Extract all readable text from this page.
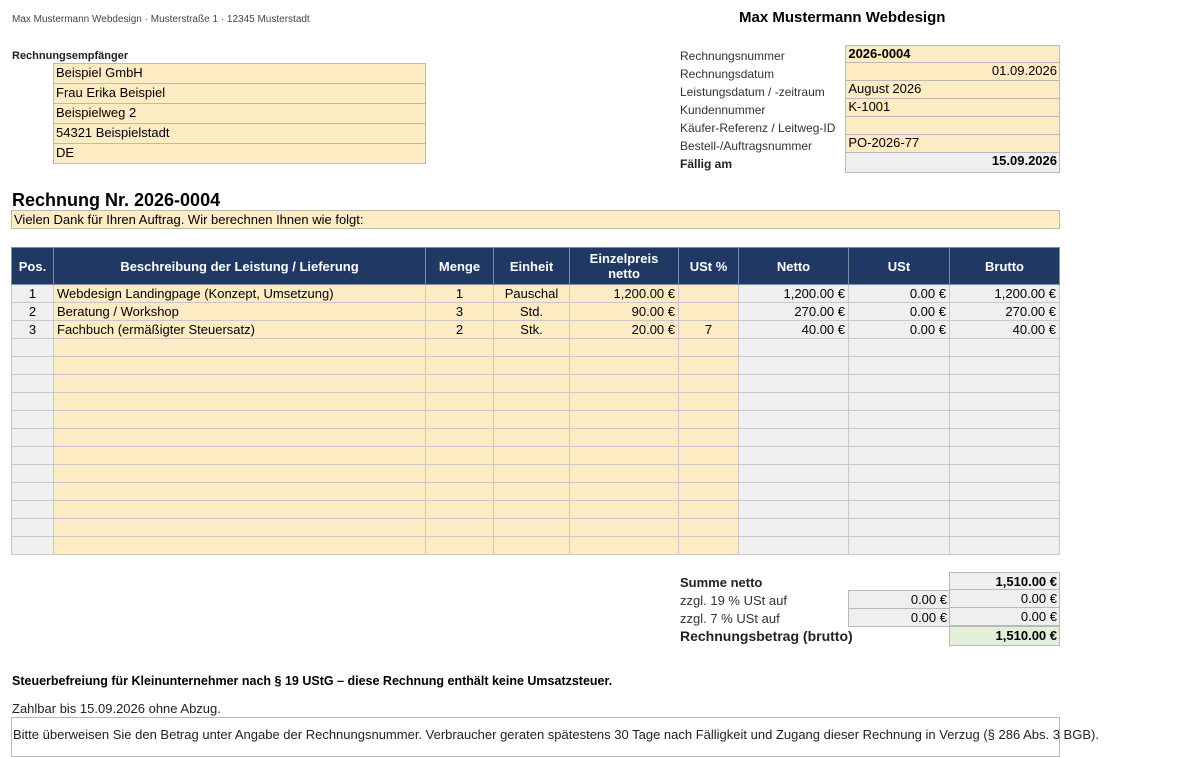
Max Mustermann Webdesign · Musterstraße 1 · 12345 Musterstadt	Max Mustermann Webdesign
Rechnungsempfänger
Beispiel GmbH
Frau Erika Beispiel
Beispielweg 2
54321 Beispielstadt
DE
Rechnungsnummer	2026-0004
Rechnungsdatum	01.09.2026
Leistungsdatum / -zeitraum	August 2026
Kundennummer	K-1001
Käufer-Referenz / Leitweg-ID
Bestell-/Auftragsnummer	PO-2026-77
Fällig am	15.09.2026
Rechnung Nr. 2026-0004
Vielen Dank für Ihren Auftrag. Wir berechnen Ihnen wie folgt:
Pos.	Beschreibung der Leistung / Lieferung	Menge	Einheit	Einzelpreis netto	USt %	Netto	USt	Brutto
1	Webdesign Landingpage (Konzept, Umsetzung)	1	Pauschal	1,200.00 €		1,200.00 €	0.00 €	1,200.00 €
2	Beratung / Workshop	3	Std.	90.00 €		270.00 €	0.00 €	270.00 €
3	Fachbuch (ermäßigter Steuersatz)	2	Stk.	20.00 €	7	40.00 €	0.00 €	40.00 €

Summe netto	1,510.00 €
zzgl. 19 % USt auf	0.00 €	0.00 €
zzgl. 7 % USt auf	0.00 €	0.00 €
Rechnungsbetrag (brutto)	1,510.00 €
Steuerbefreiung für Kleinunternehmer nach § 19 UStG – diese Rechnung enthält keine Umsatzsteuer.
Zahlbar bis 15.09.2026 ohne Abzug.
Bitte überweisen Sie den Betrag unter Angabe der Rechnungsnummer. Verbraucher geraten spätestens 30 Tage nach Fälligkeit und Zugang dieser Rechnung in Verzug (§ 286 Abs. 3 BGB).
